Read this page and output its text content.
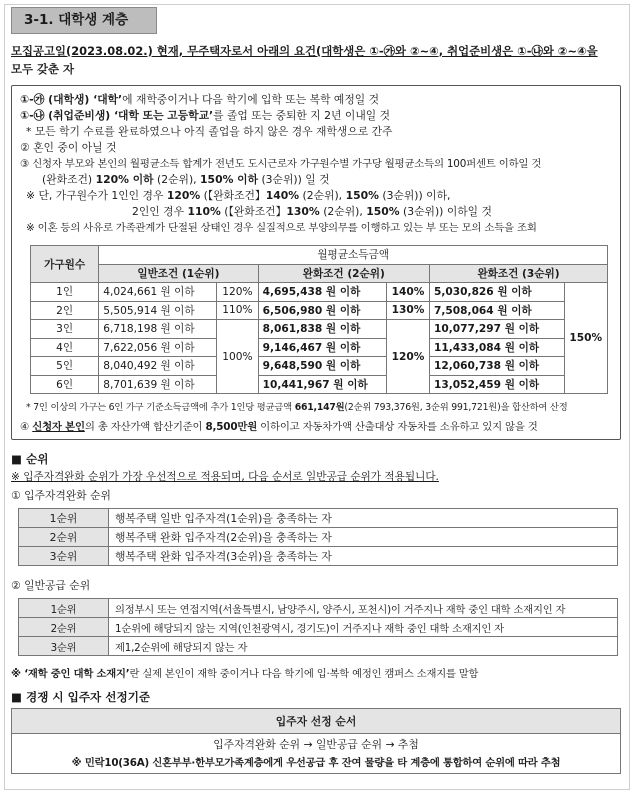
3-1. 대학생 계층
모집공고일(2023.08.02.) 현재, 무주택자로서 아래의 요건(대학생은 ①-㉮와 ②~④, 취업준비생은 ①-㉯와 ②~④을
모두 갖춘 자
①-㉮ (대학생) ‘대학’에 재학중이거나 다음 학기에 입학 또는 복학 예정일 것
①-㉯ (취업준비생) ‘대학 또는 고등학교’를 졸업 또는 중퇴한 지 2년 이내일 것
* 모든 학기 수료를 완료하였으나 아직 졸업을 하지 않은 경우 재학생으로 간주
② 혼인 중이 아닐 것
③ 신청자 부모와 본인의 월평균소득 합계가 전년도 도시근로자 가구원수별 가구당 월평균소득의 100퍼센트 이하일 것
(완화조건) 120% 이하 (2순위), 150% 이하 (3순위)) 일 것
※ 단, 가구원수가 1인인 경우 120% (【완화조건】140% (2순위), 150% (3순위)) 이하,
2인인 경우 110% (【완화조건】130% (2순위), 150% (3순위)) 이하일 것
※ 이혼 등의 사유로 가족관계가 단절된 상태인 경우 실질적으로 부양의무를 이행하고 있는 부 또는 모의 소득을 조회
가구원수	월평균소득금액					
	일반조건 (1순위)		완화조건 (2순위)		완화조건 (3순위)	
1인	4,024,661 원 이하	120%	4,695,438 원 이하	140%	5,030,826 원 이하	150%
2인	5,505,914 원 이하	110%	6,506,980 원 이하	130%	7,508,064 원 이하	
3인	6,718,198 원 이하	100%	8,061,838 원 이하	120%	10,077,297 원 이하	
4인	7,622,056 원 이하		9,146,467 원 이하		11,433,084 원 이하	
5인	8,040,492 원 이하		9,648,590 원 이하		12,060,738 원 이하	
6인	8,701,639 원 이하		10,441,967 원 이하		13,052,459 원 이하	
* 7인 이상의 가구는 6인 가구 기준소득금액에 추가 1인당 평균금액 661,147원(2순위 793,376원, 3순위 991,721원)을 합산하여 산정
④ 신청자 본인의 총 자산가액 합산기준이 8,500만원 이하이고 자동차가액 산출대상 자동차를 소유하고 있지 않을 것
■ 순위
※ 입주자격완화 순위가 가장 우선적으로 적용되며, 다음 순서로 일반공급 순위가 적용됩니다.
① 입주자격완화 순위
1순위	행복주택 일반 입주자격(1순위)을 충족하는 자
2순위	행복주택 완화 입주자격(2순위)을 충족하는 자
3순위	행복주택 완화 입주자격(3순위)을 충족하는 자
② 일반공급 순위
1순위	의정부시 또는 연접지역(서울특별시, 남양주시, 양주시, 포천시)이 거주지나 재학 중인 대학 소재지인 자
2순위	1순위에 해당되지 않는 지역(인천광역시, 경기도)이 거주지나 재학 중인 대학 소재지인 자
3순위	제1,2순위에 해당되지 않는 자
※ ‘재학 중인 대학 소재지’란 실제 본인이 재학 중이거나 다음 학기에 입·복학 예정인 캠퍼스 소재지를 말함
■ 경쟁 시 입주자 선정기준
입주자 선정 순서

입주자격완화 순위 → 일반공급 순위 → 추첨
※ 민락10(36A) 신혼부부·한부모가족계층에게 우선공급 후 잔여 물량을 타 계층에 통합하여 순위에 따라 추첨
